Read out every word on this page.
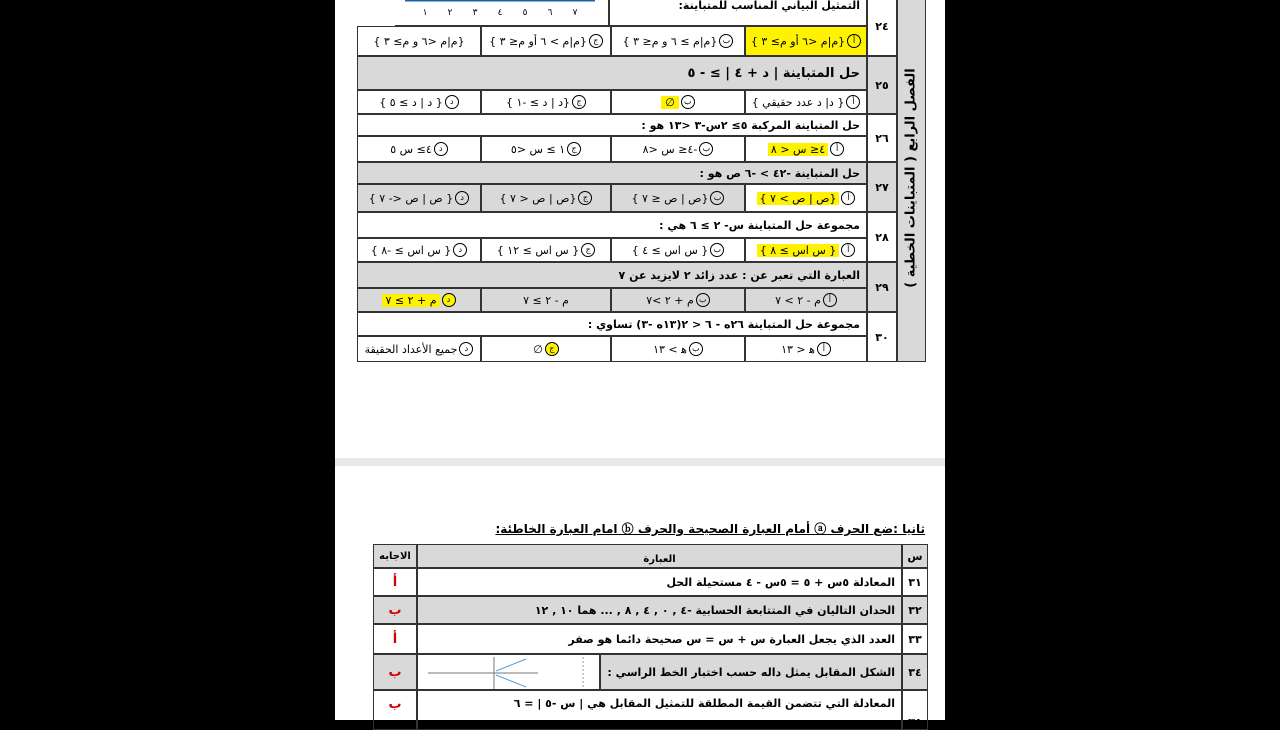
التمثيل البياني المناسب للمتباينة:
١ ٢ ٣ ٤ ٥ ٦ ٧
٢٤
أ
{م|م <٦ أو م≥ ٣ }
ب
{م|م ≥ ٦ و م≤ ٣ }
ج
{م|م > ٦ أو م≤ ٣ }
{م|م <٦ و م≥ ٣ }
حل المتباينة | د + ٤ | ≥ - ٥
٢٥
أ
{ د| د عدد حقيقي }
ب
∅
ج
{د | د ≥ -١ }
د
{ د | د ≥ ٥ }
حل المتباينة المركبة ٥≥ ٢س-٣ <١٣ هو :
٢٦
أ
٤≤ س < ٨
ب
-٤≤ س <٨
ج
١ ≥ س <٥
د
٤≥ س ٥
حل المتباينة -٤٢ > -٦ ص هو :
٢٧
أ
{ص | ص > ٧ }
ب
{ص | ص ≤ ٧ }
ج
{ص | ص < ٧ }
د
{ ص | ص <- ٧ }
مجموعة حل المتباينة س- ٢ ≥ ٦ هي :
٢٨
أ
{ س اس ≥ ٨ }
ب
{ س اس ≥ ٤ }
ج
{ س اس ≥ ١٢ }
د
{ س اس ≥ -٨ }
العبارة التي تعبر عن : عدد زائد ٢ لايزيد عن ٧
٢٩
أ
م - ٢ > ٧
ب
م + ٢ >٧
م - ٢ ≥ ٧
د
م + ٢ ≥ ٧
مجموعة حل المتباينة ٢٦ه - ٦ < ٢(١٣ه -٣) تساوي :
٣٠
أ
ﻫ < ١٣
ب
ﻫ > ١٣
ج
∅
د
جميع الأعداد الحقيقة
الفصل الرابع ( المتباينات الخطية )
ثانيا :ضع الحرف ⓐ أمام العبارة الصحيحة والحرف ⓑ امام العبارة الخاطئة:
س
العبارة
الاجابه
٣١
المعادلة ٥س + ٥ = ٥س - ٤ مستحيلة الحل
أ
٣٢
الحدان التاليان في المتتابعة الحسابية -٤ , ٠ , ٤ , ٨ , ... هما ١٠ , ١٢
ب
٣٣
العدد الذي يجعل العبارة س + س = س صحيحة دائما هو صفر
أ
٣٤
الشكل المقابل يمثل داله حسب اختبار الخط الراسي :
ب
٣٥
المعادلة التي تتضمن القيمة المطلقة للتمثيل المقابل هي | س -٥ | = ٦
ب
